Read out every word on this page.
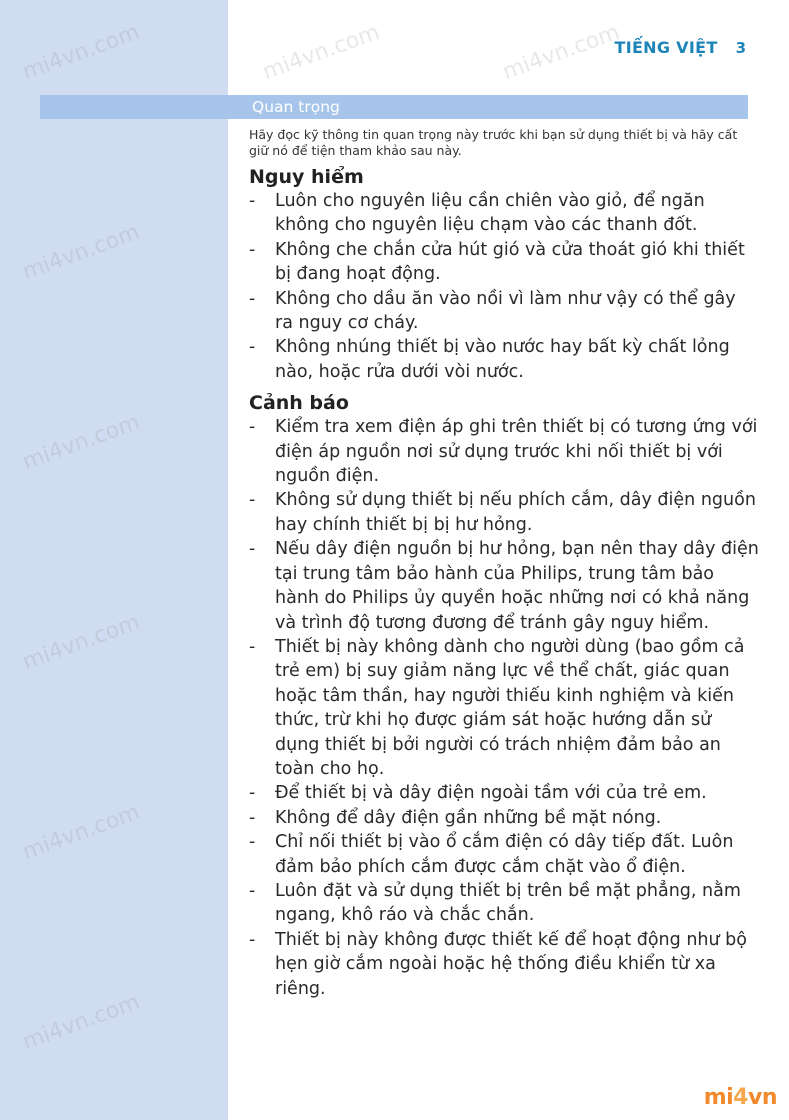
mi4vn.com	mi4vn.com	mi4vn.com
mi4vn.com
mi4vn.com
mi4vn.com
mi4vn.com
mi4vn.com
TIẾNG VIỆT 3
Quan trọng

Hãy đọc kỹ thông tin quan trọng này trước khi bạn sử dụng thiết bị và hãy cất giữ nó để tiện tham khảo sau này.

Nguy hiểm
- Luôn cho nguyên liệu cần chiên vào giỏ, để ngăn không cho nguyên liệu chạm vào các thanh đốt.
- Không che chắn cửa hút gió và cửa thoát gió khi thiết bị đang hoạt động.
- Không cho dầu ăn vào nồi vì làm như vậy có thể gây ra nguy cơ cháy.
- Không nhúng thiết bị vào nước hay bất kỳ chất lỏng nào, hoặc rửa dưới vòi nước.
Cảnh báo
- Kiểm tra xem điện áp ghi trên thiết bị có tương ứng với điện áp nguồn nơi sử dụng trước khi nối thiết bị với nguồn điện.
- Không sử dụng thiết bị nếu phích cắm, dây điện nguồn hay chính thiết bị bị hư hỏng.
- Nếu dây điện nguồn bị hư hỏng, bạn nên thay dây điện tại trung tâm bảo hành của Philips, trung tâm bảo hành do Philips ủy quyền hoặc những nơi có khả năng và trình độ tương đương để tránh gây nguy hiểm.
- Thiết bị này không dành cho người dùng (bao gồm cả trẻ em) bị suy giảm năng lực về thể chất, giác quan hoặc tâm thần, hay người thiếu kinh nghiệm và kiến thức, trừ khi họ được giám sát hoặc hướng dẫn sử dụng thiết bị bởi người có trách nhiệm đảm bảo an toàn cho họ.
- Để thiết bị và dây điện ngoài tầm với của trẻ em.
- Không để dây điện gần những bề mặt nóng.
- Chỉ nối thiết bị vào ổ cắm điện có dây tiếp đất. Luôn đảm bảo phích cắm được cắm chặt vào ổ điện.
- Luôn đặt và sử dụng thiết bị trên bề mặt phẳng, nằm ngang, khô ráo và chắc chắn.
- Thiết bị này không được thiết kế để hoạt động như bộ hẹn giờ cắm ngoài hoặc hệ thống điều khiển từ xa riêng.
mi4vn
